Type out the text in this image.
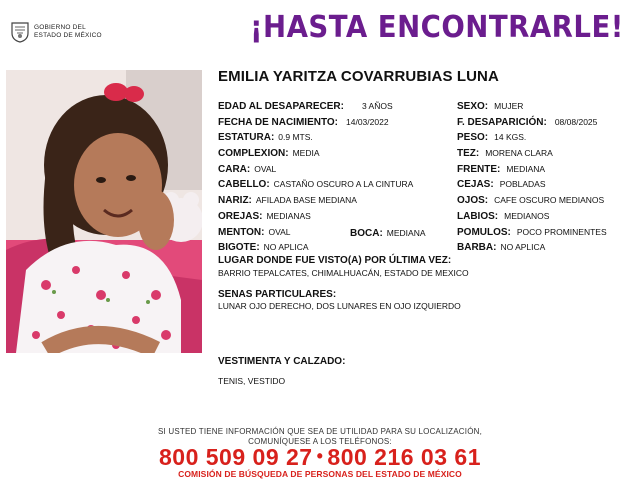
GOBIERNO DEL
ESTADO DE MÉXICO	¡HASTA ENCONTRARLE!
EMILIA YARITZA COVARRUBIAS LUNA
EDAD AL DESAPARECER: 3 AÑOS
FECHA DE NACIMIENTO: 14/03/2022
ESTATURA: 0.9 MTS.
COMPLEXION: MEDIA
CARA: OVAL
CABELLO: CASTAÑO OSCURO A LA CINTURA
NARIZ: AFILADA BASE MEDIANA
OREJAS: MEDIANAS
MENTON: OVAL	BOCA: MEDIANA
BIGOTE: NO APLICA
SEXO: MUJER
F. DESAPARICIÓN: 08/08/2025
PESO: 14 KGS.
TEZ: MORENA CLARA
FRENTE: MEDIANA
CEJAS: POBLADAS
OJOS: CAFE OSCURO MEDIANOS
LABIOS: MEDIANOS
POMULOS: POCO PROMINENTES
BARBA: NO APLICA
LUGAR DONDE FUE VISTO(A) POR ÚLTIMA VEZ:
BARRIO TEPALCATES, CHIMALHUACÁN, ESTADO DE MEXICO
SENAS PARTICULARES:
LUNAR OJO DERECHO, DOS LUNARES EN OJO IZQUIERDO
VESTIMENTA Y CALZADO:
TENIS, VESTIDO
SI USTED TIENE INFORMACIÓN QUE SEA DE UTILIDAD PARA SU LOCALIZACIÓN,
COMUNÍQUESE A LOS TELÉFONOS:
800 509 09 27 • 800 216 03 61
COMISIÓN DE BÚSQUEDA DE PERSONAS DEL ESTADO DE MÉXICO
